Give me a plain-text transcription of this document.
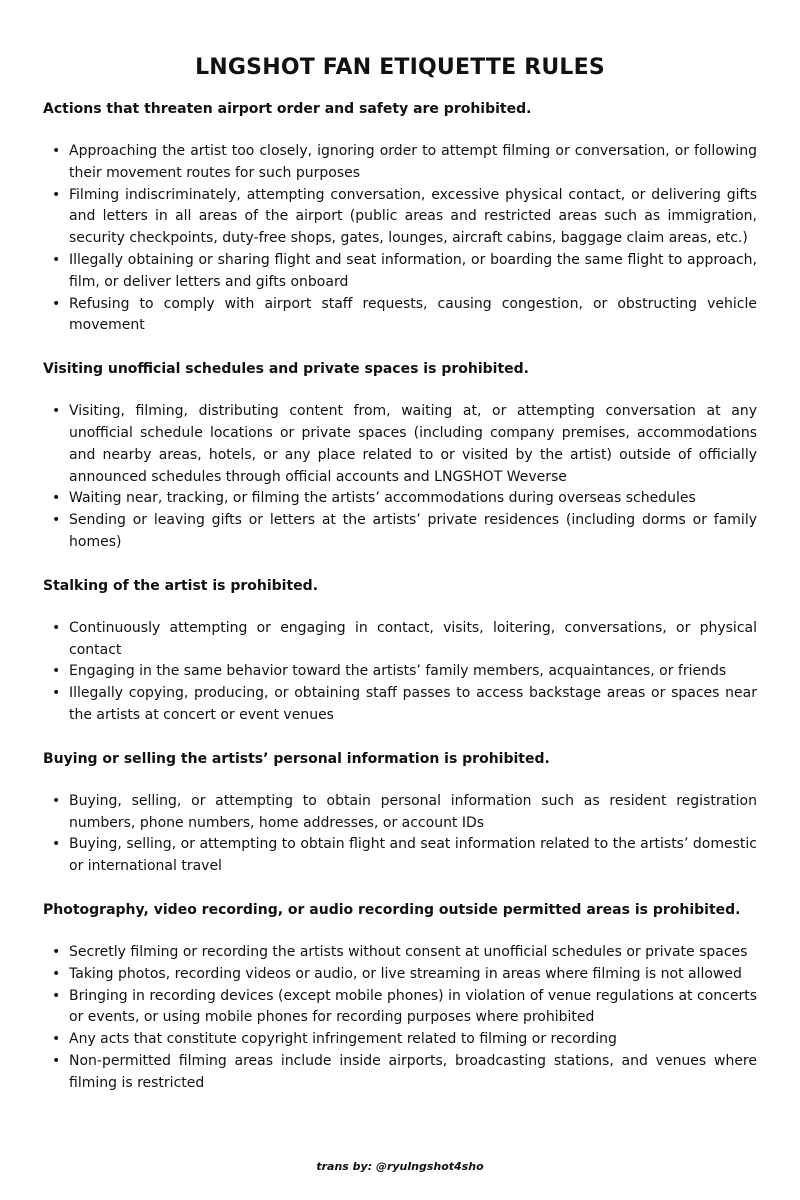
LNGSHOT FAN ETIQUETTE RULES

Actions that threaten airport order and safety are prohibited.

• Approaching the artist too closely, ignoring order to attempt filming or conversation, or following their movement routes for such purposes
• Filming indiscriminately, attempting conversation, excessive physical contact, or delivering gifts and letters in all areas of the airport (public areas and restricted areas such as immigration, security checkpoints, duty-free shops, gates, lounges, aircraft cabins, baggage claim areas, etc.)
• Illegally obtaining or sharing flight and seat information, or boarding the same flight to approach, film, or deliver letters and gifts onboard
• Refusing to comply with airport staff requests, causing congestion, or obstructing vehicle movement

Visiting unofficial schedules and private spaces is prohibited.

• Visiting, filming, distributing content from, waiting at, or attempting conversation at any unofficial schedule locations or private spaces (including company premises, accommodations and nearby areas, hotels, or any place related to or visited by the artist) outside of officially announced schedules through official accounts and LNGSHOT Weverse
• Waiting near, tracking, or filming the artists’ accommodations during overseas schedules
• Sending or leaving gifts or letters at the artists’ private residences (including dorms or family homes)

Stalking of the artist is prohibited.

• Continuously attempting or engaging in contact, visits, loitering, conversations, or physical contact
• Engaging in the same behavior toward the artists’ family members, acquaintances, or friends
• Illegally copying, producing, or obtaining staff passes to access backstage areas or spaces near the artists at concert or event venues

Buying or selling the artists’ personal information is prohibited.

• Buying, selling, or attempting to obtain personal information such as resident registration numbers, phone numbers, home addresses, or account IDs
• Buying, selling, or attempting to obtain flight and seat information related to the artists’ domestic or international travel

Photography, video recording, or audio recording outside permitted areas is prohibited.

• Secretly filming or recording the artists without consent at unofficial schedules or private spaces
• Taking photos, recording videos or audio, or live streaming in areas where filming is not allowed
• Bringing in recording devices (except mobile phones) in violation of venue regulations at concerts or events, or using mobile phones for recording purposes where prohibited
• Any acts that constitute copyright infringement related to filming or recording
• Non-permitted filming areas include inside airports, broadcasting stations, and venues where filming is restricted
trans by: @ryulngshot4sho
